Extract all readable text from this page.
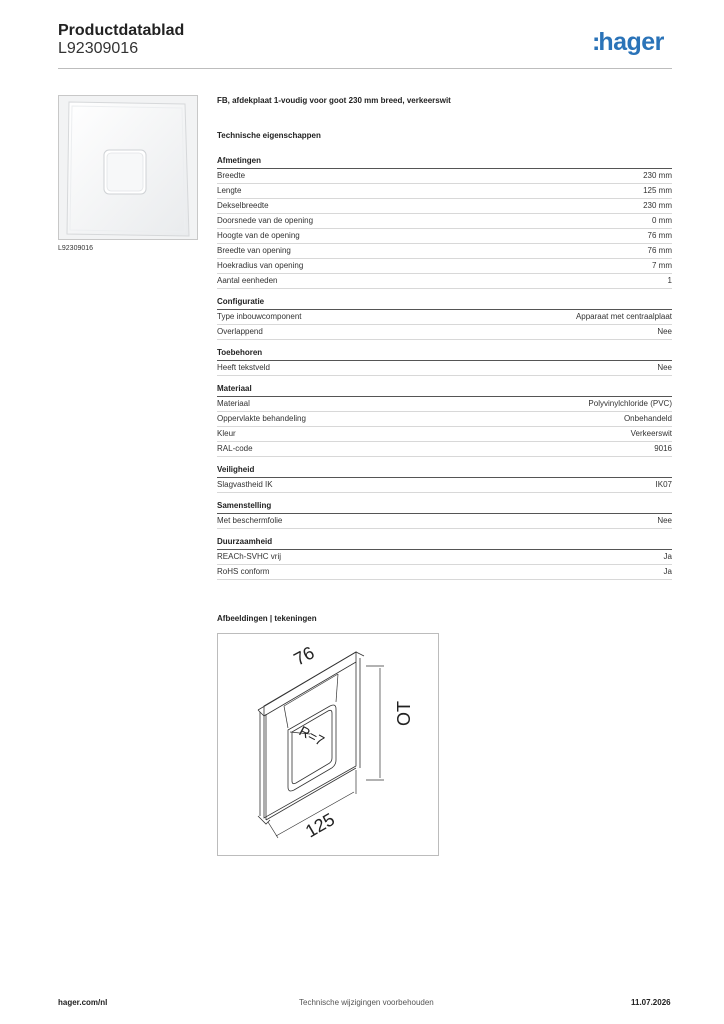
Productdatablad
L92309016	:hager
L92309016
FB, afdekplaat 1-voudig voor goot 230 mm breed, verkeerswit
Technische eigenschappen
Afmetingen
Breedte	230 mm
Lengte	125 mm
Dekselbreedte	230 mm
Doorsnede van de opening	0 mm
Hoogte van de opening	76 mm
Breedte van opening	76 mm
Hoekradius van opening	7 mm
Aantal eenheden	1
Configuratie
Type inbouwcomponent	Apparaat met centraalplaat
Overlappend	Nee
Toebehoren
Heeft tekstveld	Nee
Materiaal
Materiaal	Polyvinylchloride (PVC)
Oppervlakte behandeling	Onbehandeld
Kleur	Verkeerswit
RAL-code	9016
Veiligheid
Slagvastheid IK	IK07
Samenstelling
Met beschermfolie	Nee
Duurzaamheid
REACh-SVHC vrij	Ja
RoHS conform	Ja
Afbeeldingen | tekeningen
76
OT
R=7
125
hager.com/nl	Technische wijzigingen voorbehouden	11.07.2026
